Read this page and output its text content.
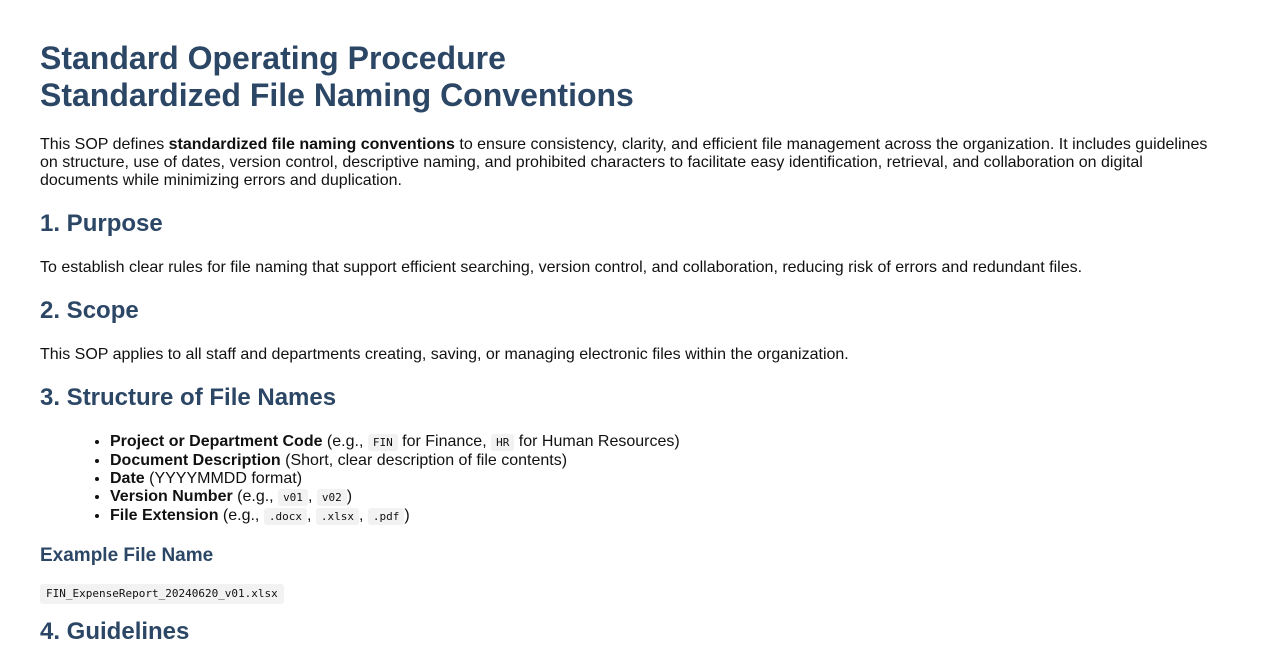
Standard Operating Procedure
Standardized File Naming Conventions

This SOP defines standardized file naming conventions to ensure consistency, clarity, and efficient file management across the organization. It includes guidelines on structure, use of dates, version control, descriptive naming, and prohibited characters to facilitate easy identification, retrieval, and collaboration on digital documents while minimizing errors and duplication.

1. Purpose

To establish clear rules for file naming that support efficient searching, version control, and collaboration, reducing risk of errors and redundant files.

2. Scope

This SOP applies to all staff and departments creating, saving, or managing electronic files within the organization.

3. Structure of File Names
• Project or Department Code (e.g., FIN for Finance, HR for Human Resources)
• Document Description (Short, clear description of file contents)
• Date (YYYYMMDD format)
• Version Number (e.g., v01 , v02 )
• File Extension (e.g., .docx , .xlsx , .pdf )
Example File Name
FIN_ExpenseReport_20240620_v01.xlsx
4. Guidelines
